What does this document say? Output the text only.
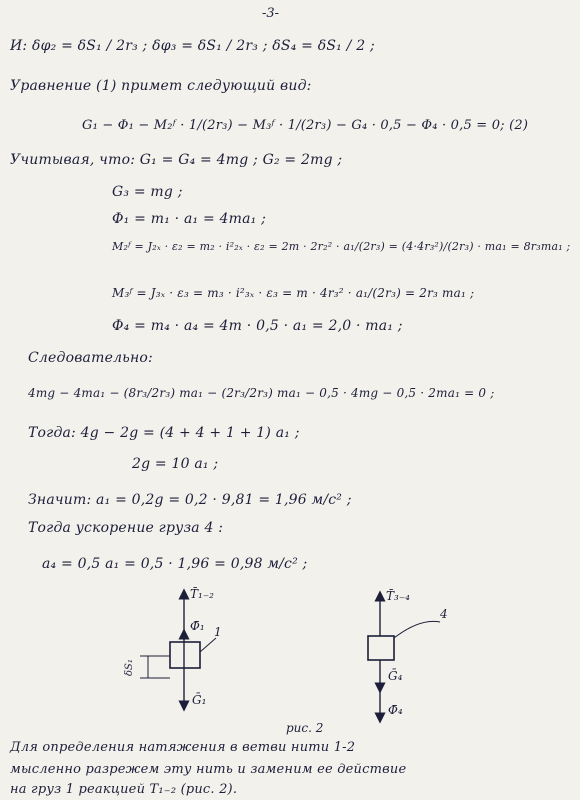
-3-
И: δφ₂ = δS₁ / 2r₃ ; δφ₃ = δS₁ / 2r₃ ; δS₄ = δS₁ / 2 ;
Уравнение (1) примет следующий вид:
G₁ − Φ₁ − M₂ᶠ · 1/(2r₃) − M₃ᶠ · 1/(2r₃) − G₄ · 0,5 − Φ₄ · 0,5 = 0; (2)
Учитывая, что: G₁ = G₄ = 4mg ; G₂ = 2mg ;
G₃ = mg ;
Φ₁ = m₁ · a₁ = 4ma₁ ;
M₂ᶠ = J₂ₓ · ε₂ = m₂ · i²₂ₓ · ε₂ = 2m · 2r₂² · a₁/(2r₃) = (4·4r₃²)/(2r₃) · ma₁ = 8r₃ma₁ ;
M₃ᶠ = J₃ₓ · ε₃ = m₃ · i²₃ₓ · ε₃ = m · 4r₃² · a₁/(2r₃) = 2r₃ ma₁ ;
Φ₄ = m₄ · a₄ = 4m · 0,5 · a₁ = 2,0 · ma₁ ;
Следовательно:
4mg − 4ma₁ − (8r₃/2r₃) ma₁ − (2r₃/2r₃) ma₁ − 0,5 · 4mg − 0,5 · 2ma₁ = 0 ;
Тогда: 4g − 2g = (4 + 4 + 1 + 1) a₁ ;
2g = 10 a₁ ;
Значит: a₁ = 0,2g = 0,2 · 9,81 = 1,96 м/с² ;
Тогда ускорение груза 4 :
a₄ = 0,5 a₁ = 0,5 · 1,96 = 0,98 м/с² ;
T̄₁₋₂
Φ̄₁
Ḡ₁
1
δS₁
T̄₃₋₄
Ḡ₄
Φ̄₄
4
рис. 2
Для определения натяжения в ветви нити 1-2
мысленно разрежем эту нить и заменим ее действие
на груз 1 реакцией T₁₋₂ (рис. 2).
